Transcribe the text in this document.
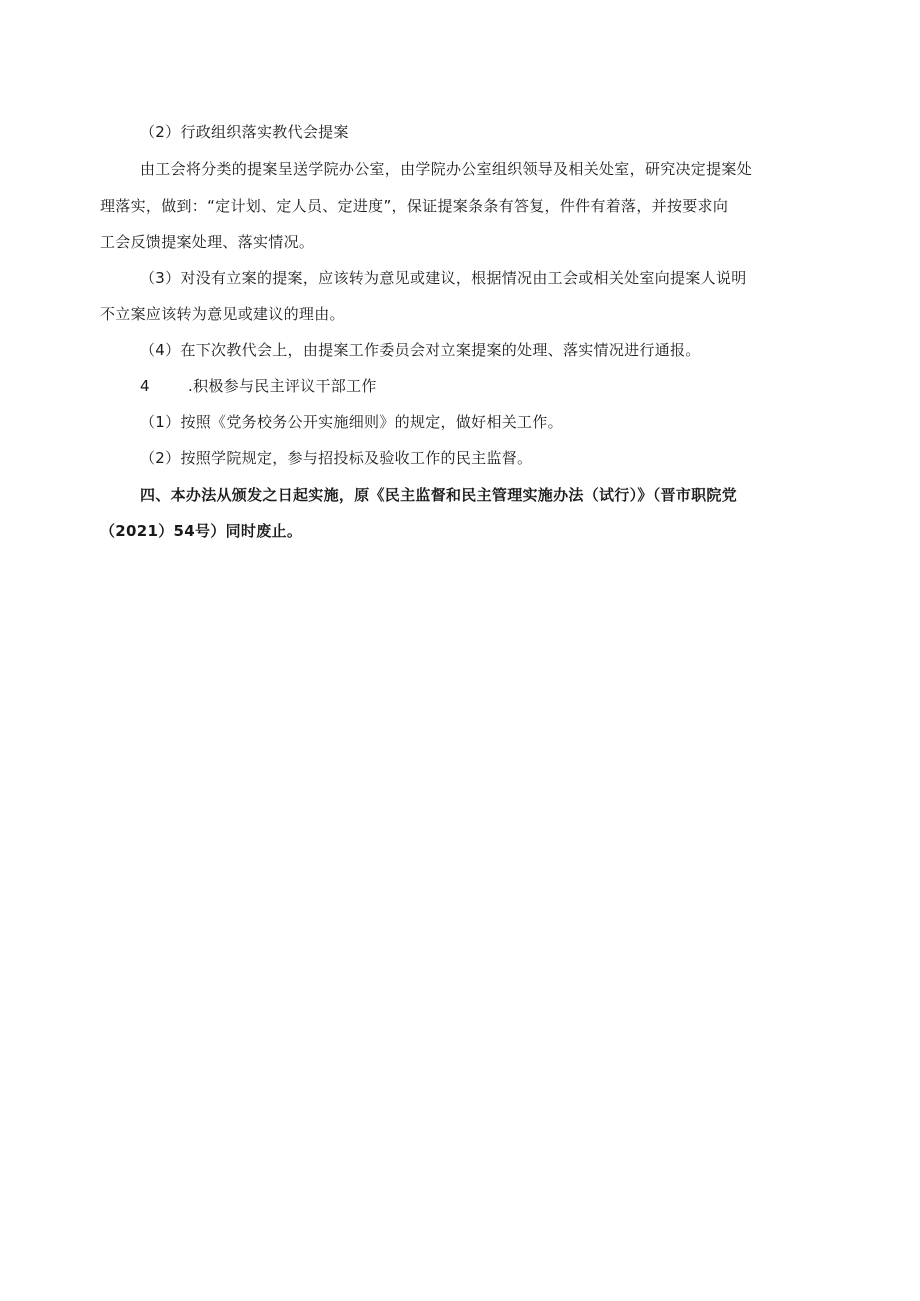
（2）行政组织落实教代会提案
由工会将分类的提案呈送学院办公室，由学院办公室组织领导及相关处室，研究决定提案处
理落实，做到：“定计划、定人员、定进度”，保证提案条条有答复，件件有着落，并按要求向
工会反馈提案处理、落实情况。
（3）对没有立案的提案，应该转为意见或建议，根据情况由工会或相关处室向提案人说明
不立案应该转为意见或建议的理由。
（4）在下次教代会上，由提案工作委员会对立案提案的处理、落实情况进行通报。
4	.积极参与民主评议干部工作
（1）按照《党务校务公开实施细则》的规定，做好相关工作。
（2）按照学院规定，参与招投标及验收工作的民主监督。
四、本办法从颁发之日起实施，原《民主监督和民主管理实施办法（试行）》（晋市职院党
（2021）54号）同时废止。
